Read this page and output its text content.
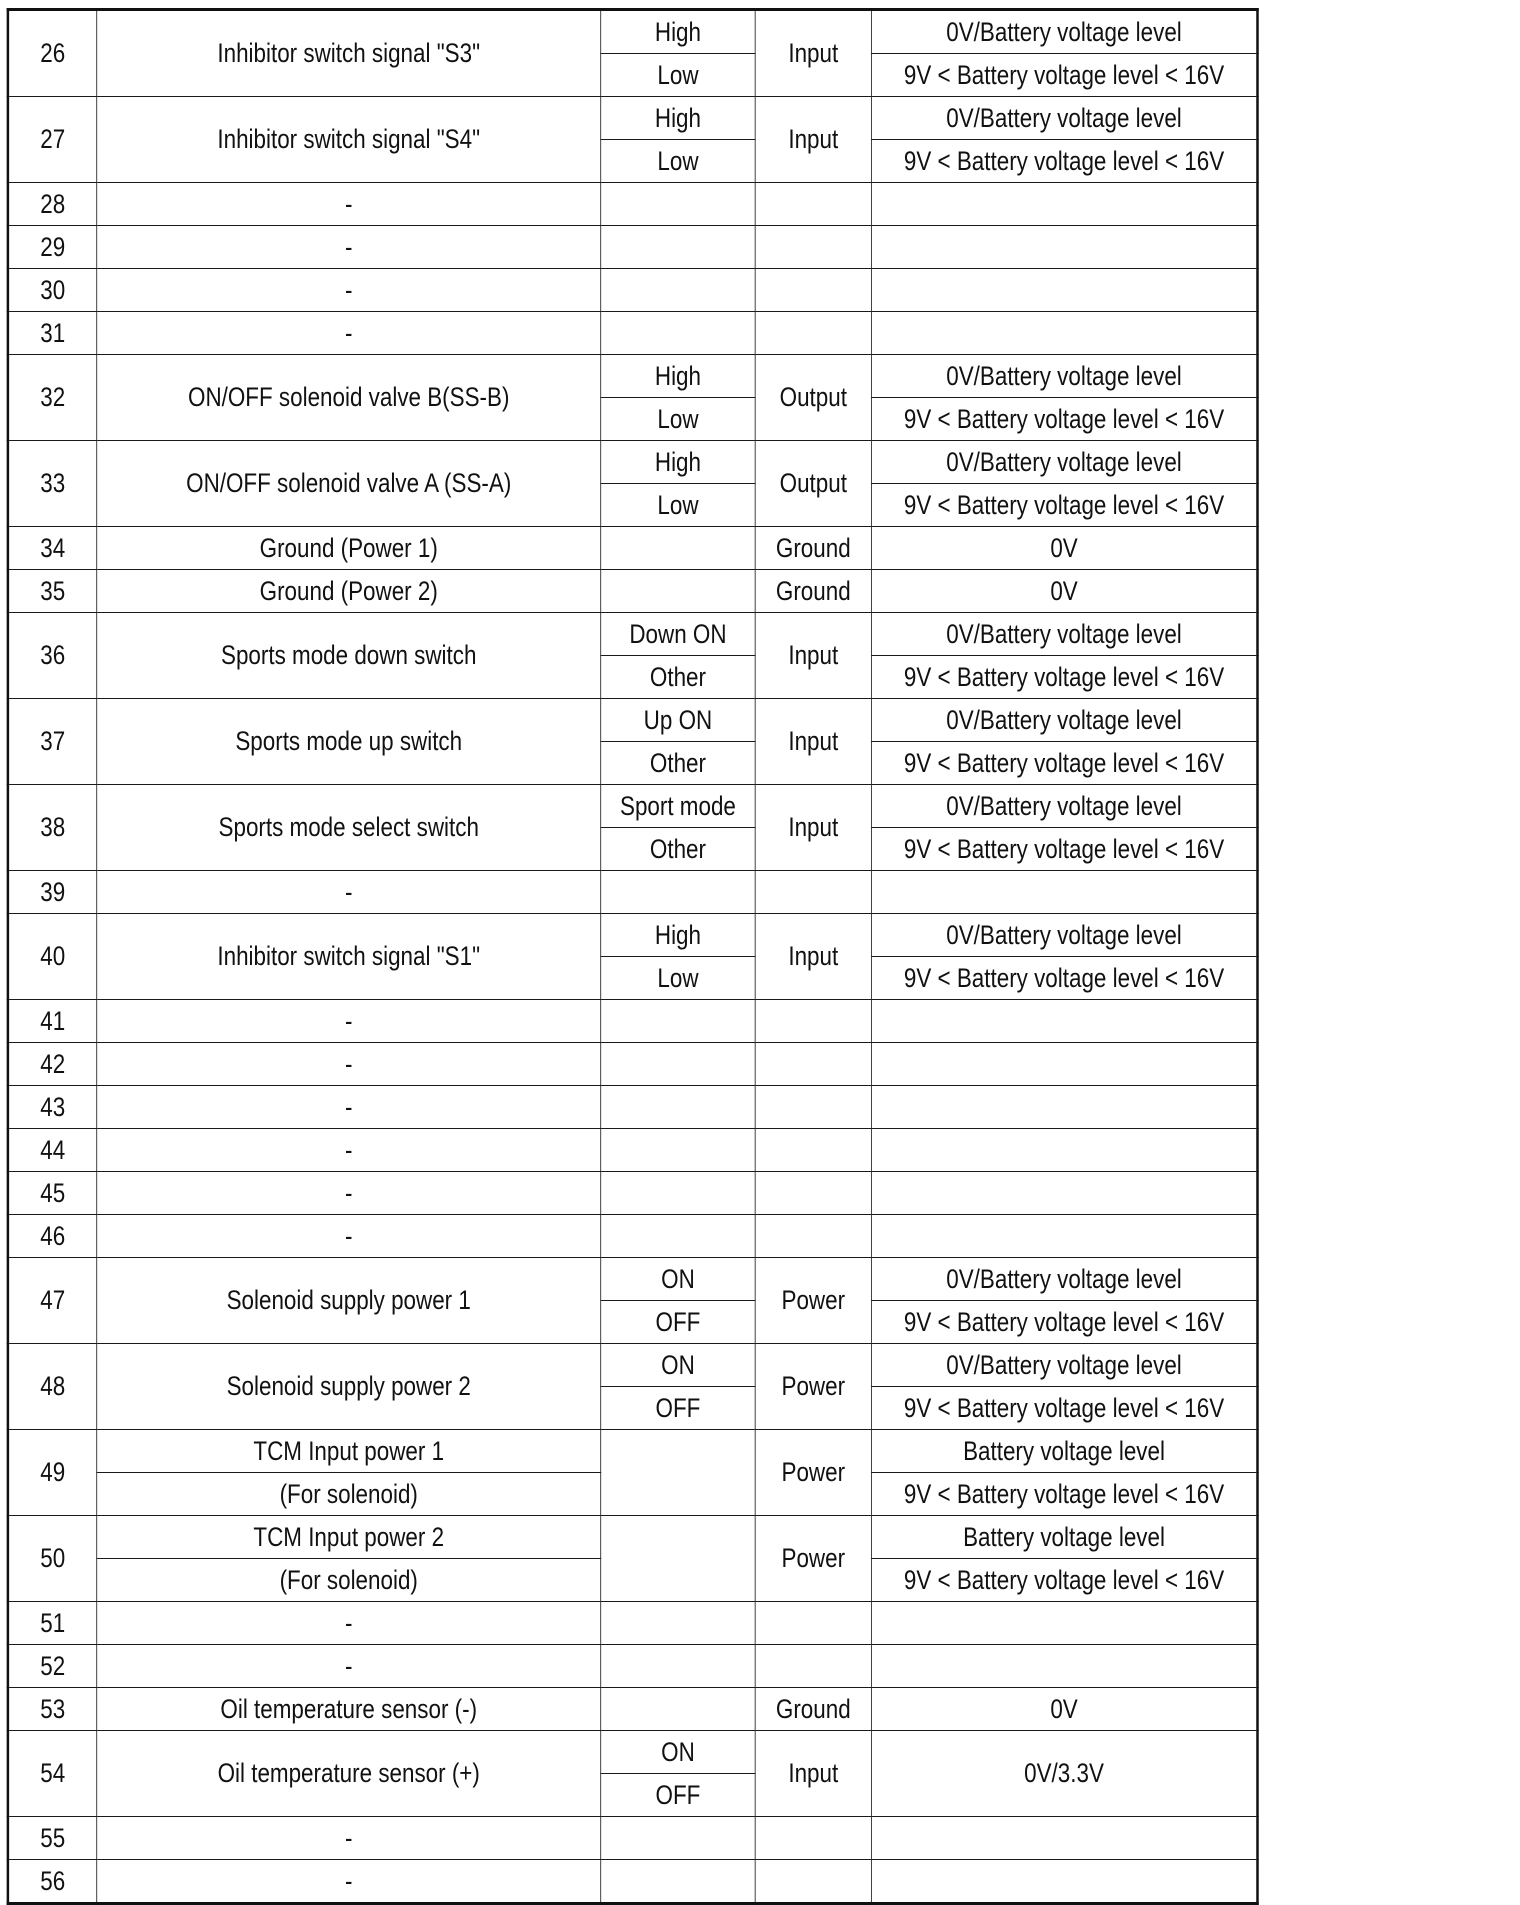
26	Inhibitor switch signal "S3"	High	Input	0V/Battery voltage level
		Low		9V < Battery voltage level < 16V
27	Inhibitor switch signal "S4"	High	Input	0V/Battery voltage level
		Low		9V < Battery voltage level < 16V
28	-			
29	-			
30	-			
31	-			
32	ON/OFF solenoid valve B(SS-B)	High	Output	0V/Battery voltage level
		Low		9V < Battery voltage level < 16V
33	ON/OFF solenoid valve A (SS-A)	High	Output	0V/Battery voltage level
		Low		9V < Battery voltage level < 16V
34	Ground (Power 1)		Ground	0V
35	Ground (Power 2)		Ground	0V
36	Sports mode down switch	Down ON	Input	0V/Battery voltage level
		Other		9V < Battery voltage level < 16V
37	Sports mode up switch	Up ON	Input	0V/Battery voltage level
		Other		9V < Battery voltage level < 16V
38	Sports mode select switch	Sport mode	Input	0V/Battery voltage level
		Other		9V < Battery voltage level < 16V
39	-			
40	Inhibitor switch signal "S1"	High	Input	0V/Battery voltage level
		Low		9V < Battery voltage level < 16V
41	-			
42	-			
43	-			
44	-			
45	-			
46	-			
47	Solenoid supply power 1	ON	Power	0V/Battery voltage level
		OFF		9V < Battery voltage level < 16V
48	Solenoid supply power 2	ON	Power	0V/Battery voltage level
		OFF		9V < Battery voltage level < 16V
49	TCM Input power 1		Power	Battery voltage level
	(For solenoid)			9V < Battery voltage level < 16V
50	TCM Input power 2		Power	Battery voltage level
	(For solenoid)			9V < Battery voltage level < 16V
51	-			
52	-			
53	Oil temperature sensor (-)		Ground	0V
54	Oil temperature sensor (+)	ON	Input	0V/3.3V
		OFF		
55	-			
56	-			
